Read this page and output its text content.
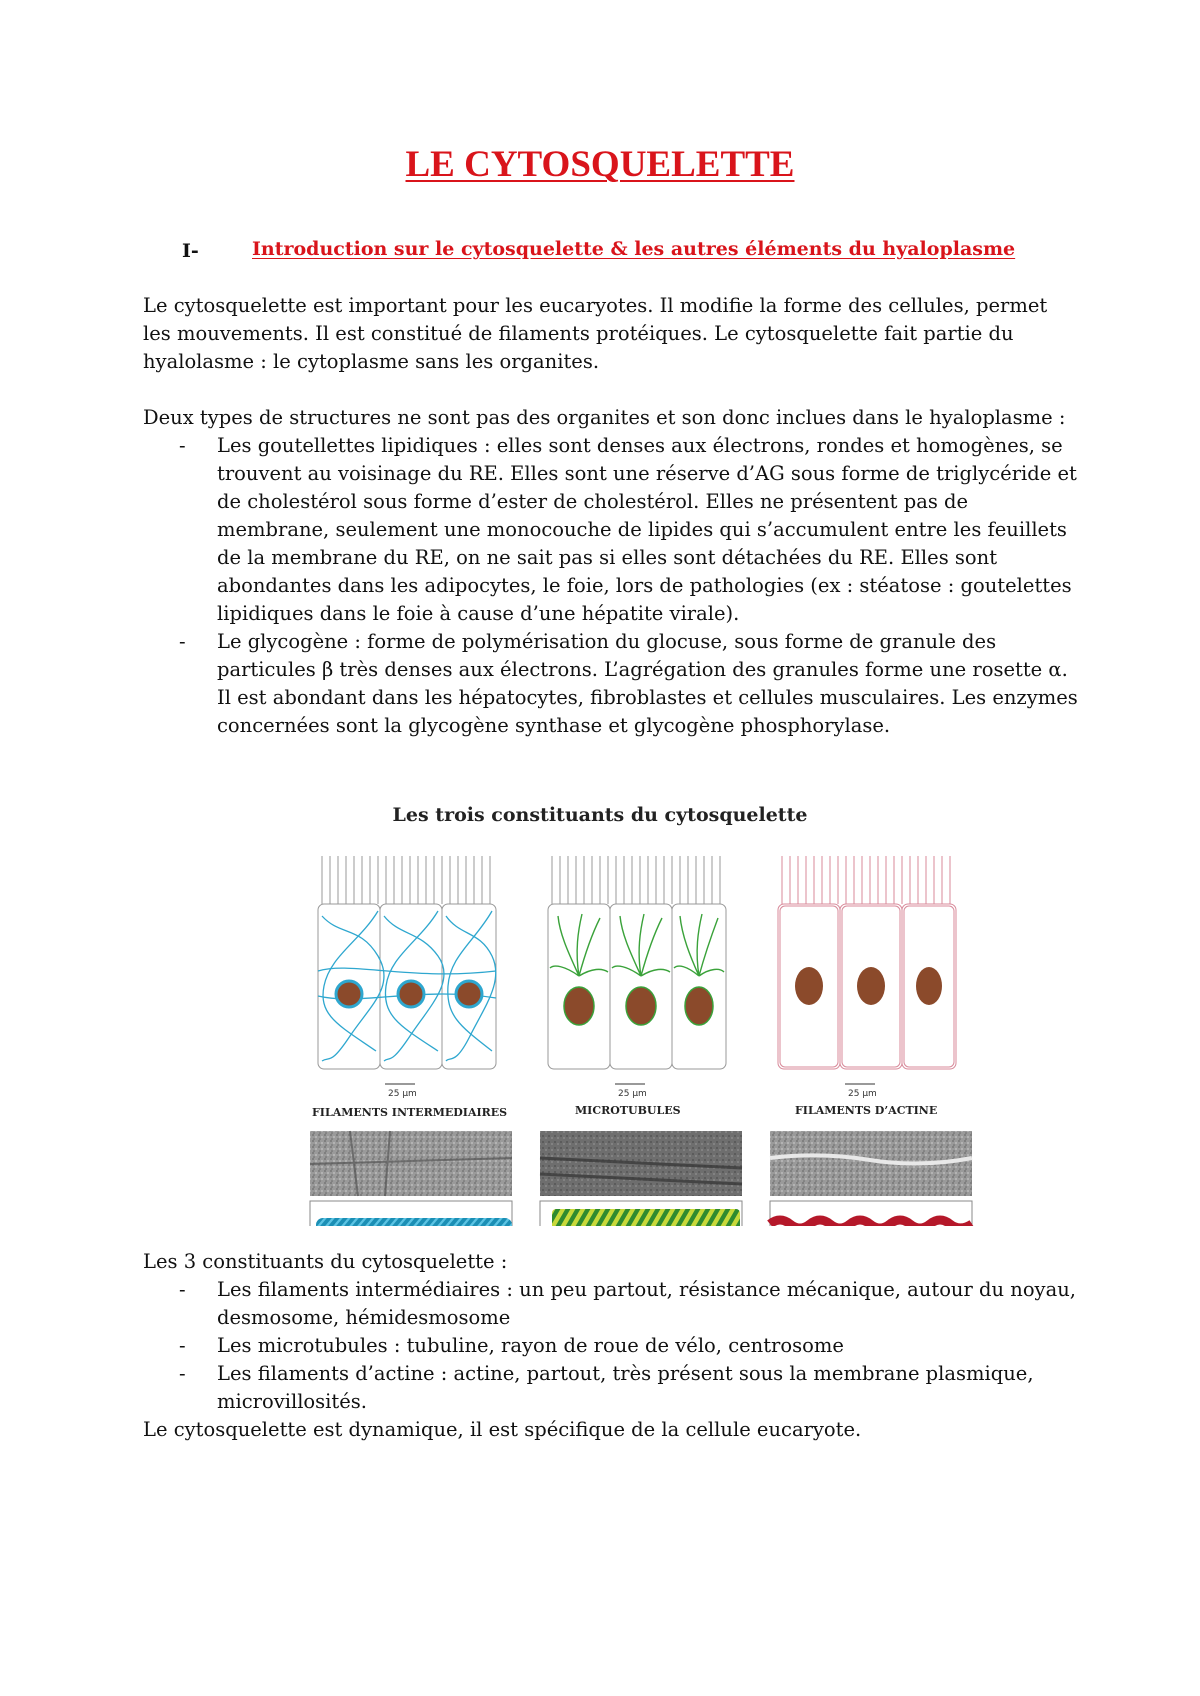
LE CYTOSQUELETTE
I-	Introduction sur le cytosquelette & les autres éléments du hyaloplasme
Le cytosquelette est important pour les eucaryotes. Il modifie la forme des cellules, permet les mouvements. Il est constitué de filaments protéiques. Le cytosquelette fait partie du hyalolasme : le cytoplasme sans les organites.
Deux types de structures ne sont pas des organites et son donc inclues dans le hyaloplasme :
- Les goutellettes lipidiques : elles sont denses aux électrons, rondes et homogènes, se trouvent au voisinage du RE. Elles sont une réserve d’AG sous forme de triglycéride et de cholestérol sous forme d’ester de cholestérol. Elles ne présentent pas de membrane, seulement une monocouche de lipides qui s’accumulent entre les feuillets de la membrane du RE, on ne sait pas si elles sont détachées du RE. Elles sont abondantes dans les adipocytes, le foie, lors de pathologies (ex : stéatose : goutelettes lipidiques dans le foie à cause d’une hépatite virale).
- Le glycogène : forme de polymérisation du glocuse, sous forme de granule des particules β très denses aux électrons. L’agrégation des granules forme une rosette α. Il est abondant dans les hépatocytes, fibroblastes et cellules musculaires. Les enzymes concernées sont la glycogène synthase et glycogène phosphorylase.
Les trois constituants du cytosquelette
25 µm
FILAMENTS INTERMEDIAIRES
25 µm
MICROTUBULES
25 µm
FILAMENTS D’ACTINE
Les 3 constituants du cytosquelette :
- Les filaments intermédiaires : un peu partout, résistance mécanique, autour du noyau, desmosome, hémidesmosome
- Les microtubules : tubuline, rayon de roue de vélo, centrosome
- Les filaments d’actine : actine, partout, très présent sous la membrane plasmique, microvillosités.
Le cytosquelette est dynamique, il est spécifique de la cellule eucaryote.
